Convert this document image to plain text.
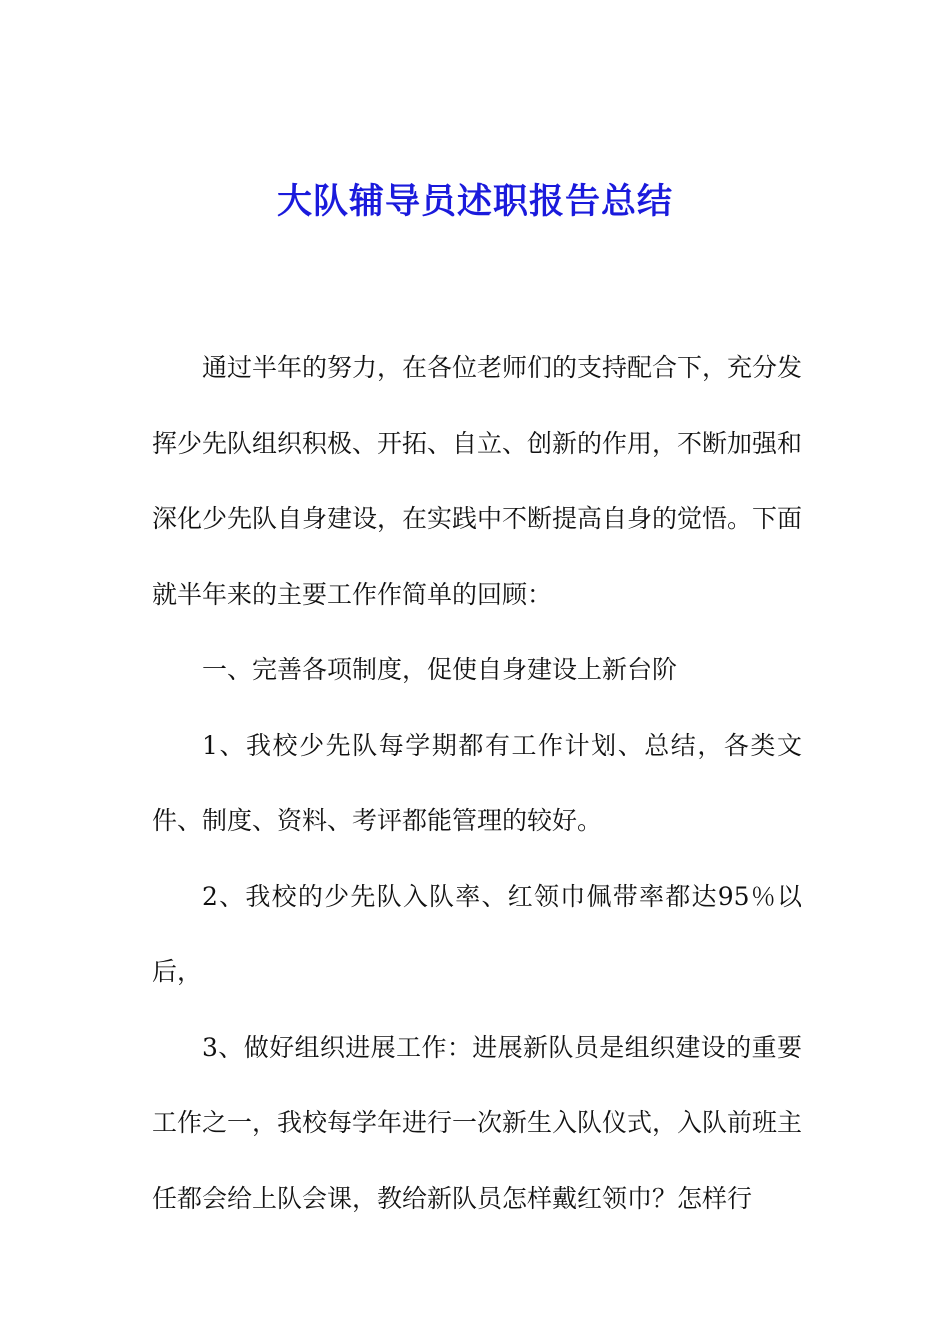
大队辅导员述职报告总结

通过半年的努力，在各位老师们的支持配合下，充分发挥少先队组织积极、开拓、自立、创新的作用，不断加强和深化少先队自身建设，在实践中不断提高自身的觉悟。下面就半年来的主要工作作简单的回顾：

一、完善各项制度，促使自身建设上新台阶

1、我校少先队每学期都有工作计划、总结，各类文件、制度、资料、考评都能管理的较好。

2、我校的少先队入队率、红领巾佩带率都达95％以后，

3、做好组织进展工作：进展新队员是组织建设的重要工作之一，我校每学年进行一次新生入队仪式，入队前班主任都会给上队会课，教给新队员怎样戴红领巾？怎样行
